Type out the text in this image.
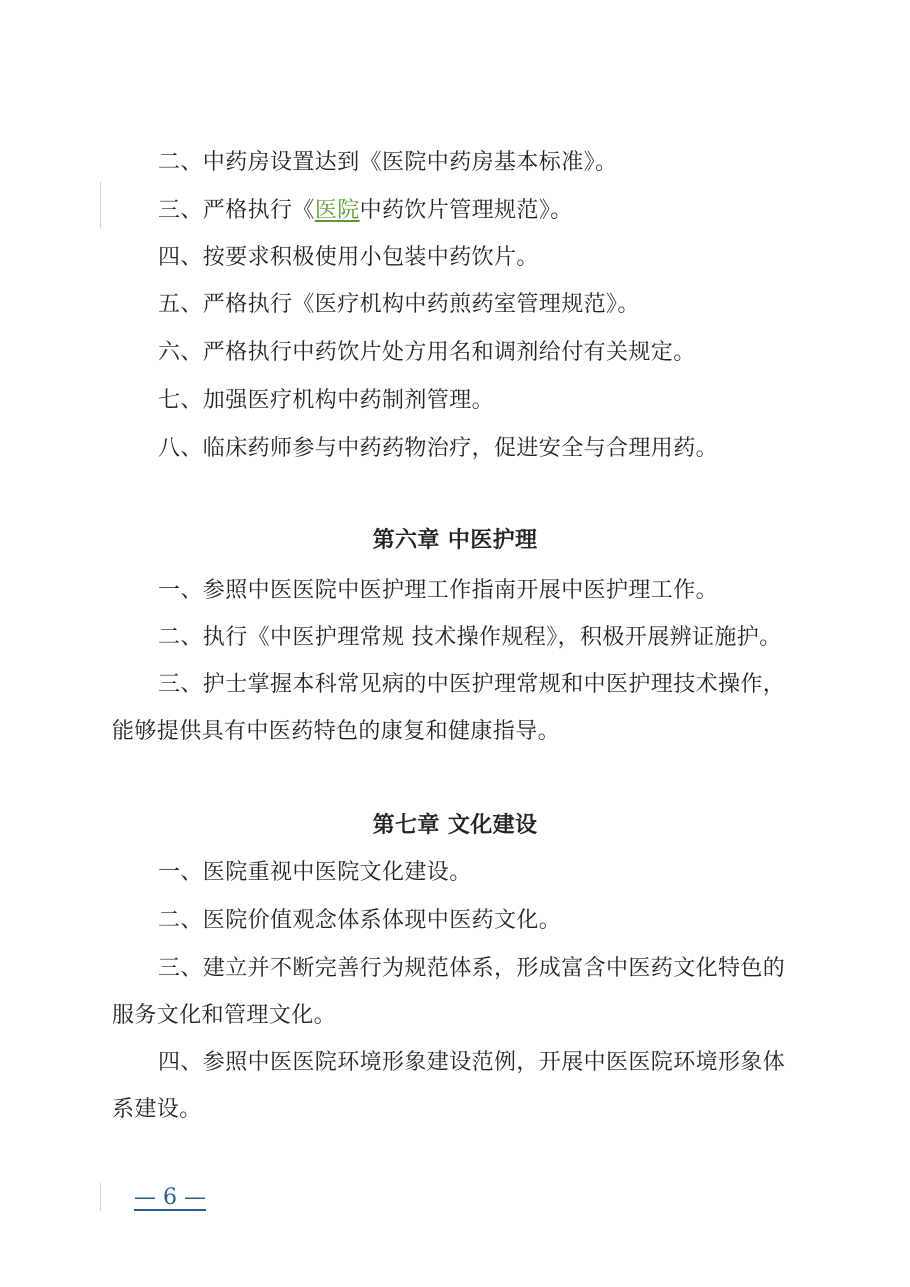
二、中药房设置达到《医院中药房基本标准》。
三、严格执行《医院中药饮片管理规范》。
四、按要求积极使用小包装中药饮片。
五、严格执行《医疗机构中药煎药室管理规范》。
六、严格执行中药饮片处方用名和调剂给付有关规定。
七、加强医疗机构中药制剂管理。
八、临床药师参与中药药物治疗，促进安全与合理用药。
第六章 中医护理
一、参照中医医院中医护理工作指南开展中医护理工作。
二、执行《中医护理常规 技术操作规程》，积极开展辨证施护。
三、护士掌握本科常见病的中医护理常规和中医护理技术操作，
能够提供具有中医药特色的康复和健康指导。
第七章 文化建设
一、医院重视中医院文化建设。
二、医院价值观念体系体现中医药文化。
三、建立并不断完善行为规范体系，形成富含中医药文化特色的
服务文化和管理文化。
四、参照中医医院环境形象建设范例，开展中医医院环境形象体
系建设。
— 6 —
